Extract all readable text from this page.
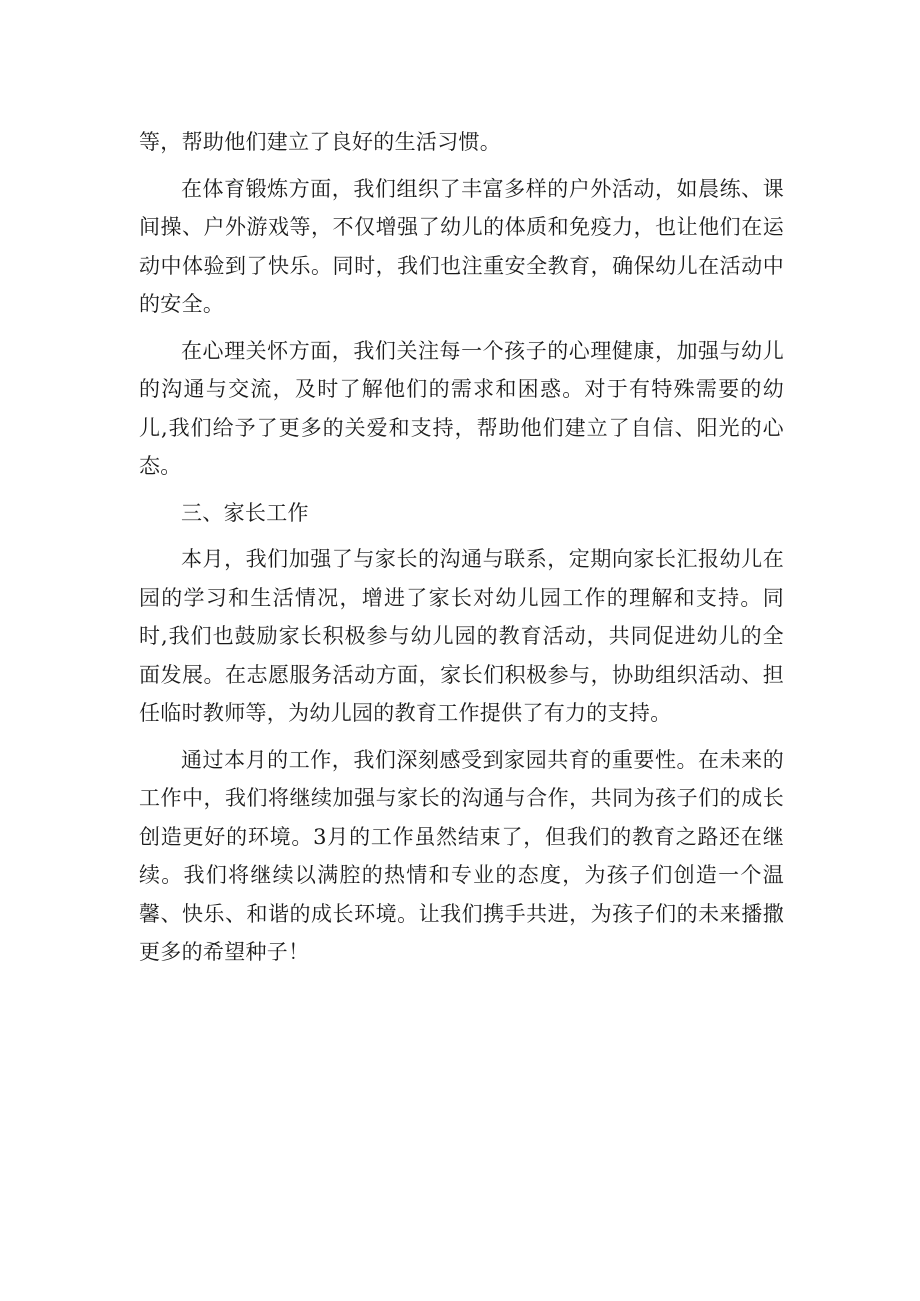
等，帮助他们建立了良好的生活习惯。

在体育锻炼方面，我们组织了丰富多样的户外活动，如晨练、课间操、户外游戏等，不仅增强了幼儿的体质和免疫力，也让他们在运动中体验到了快乐。同时，我们也注重安全教育，确保幼儿在活动中的安全。

在心理关怀方面，我们关注每一个孩子的心理健康，加强与幼儿的沟通与交流，及时了解他们的需求和困惑。对于有特殊需要的幼儿,我们给予了更多的关爱和支持，帮助他们建立了自信、阳光的心态。

三、家长工作

本月，我们加强了与家长的沟通与联系，定期向家长汇报幼儿在园的学习和生活情况，增进了家长对幼儿园工作的理解和支持。同时,我们也鼓励家长积极参与幼儿园的教育活动，共同促进幼儿的全面发展。在志愿服务活动方面，家长们积极参与，协助组织活动、担任临时教师等，为幼儿园的教育工作提供了有力的支持。

通过本月的工作，我们深刻感受到家园共育的重要性。在未来的工作中，我们将继续加强与家长的沟通与合作，共同为孩子们的成长创造更好的环境。3月的工作虽然结束了，但我们的教育之路还在继续。我们将继续以满腔的热情和专业的态度，为孩子们创造一个温馨、快乐、和谐的成长环境。让我们携手共进，为孩子们的未来播撒更多的希望种子！
